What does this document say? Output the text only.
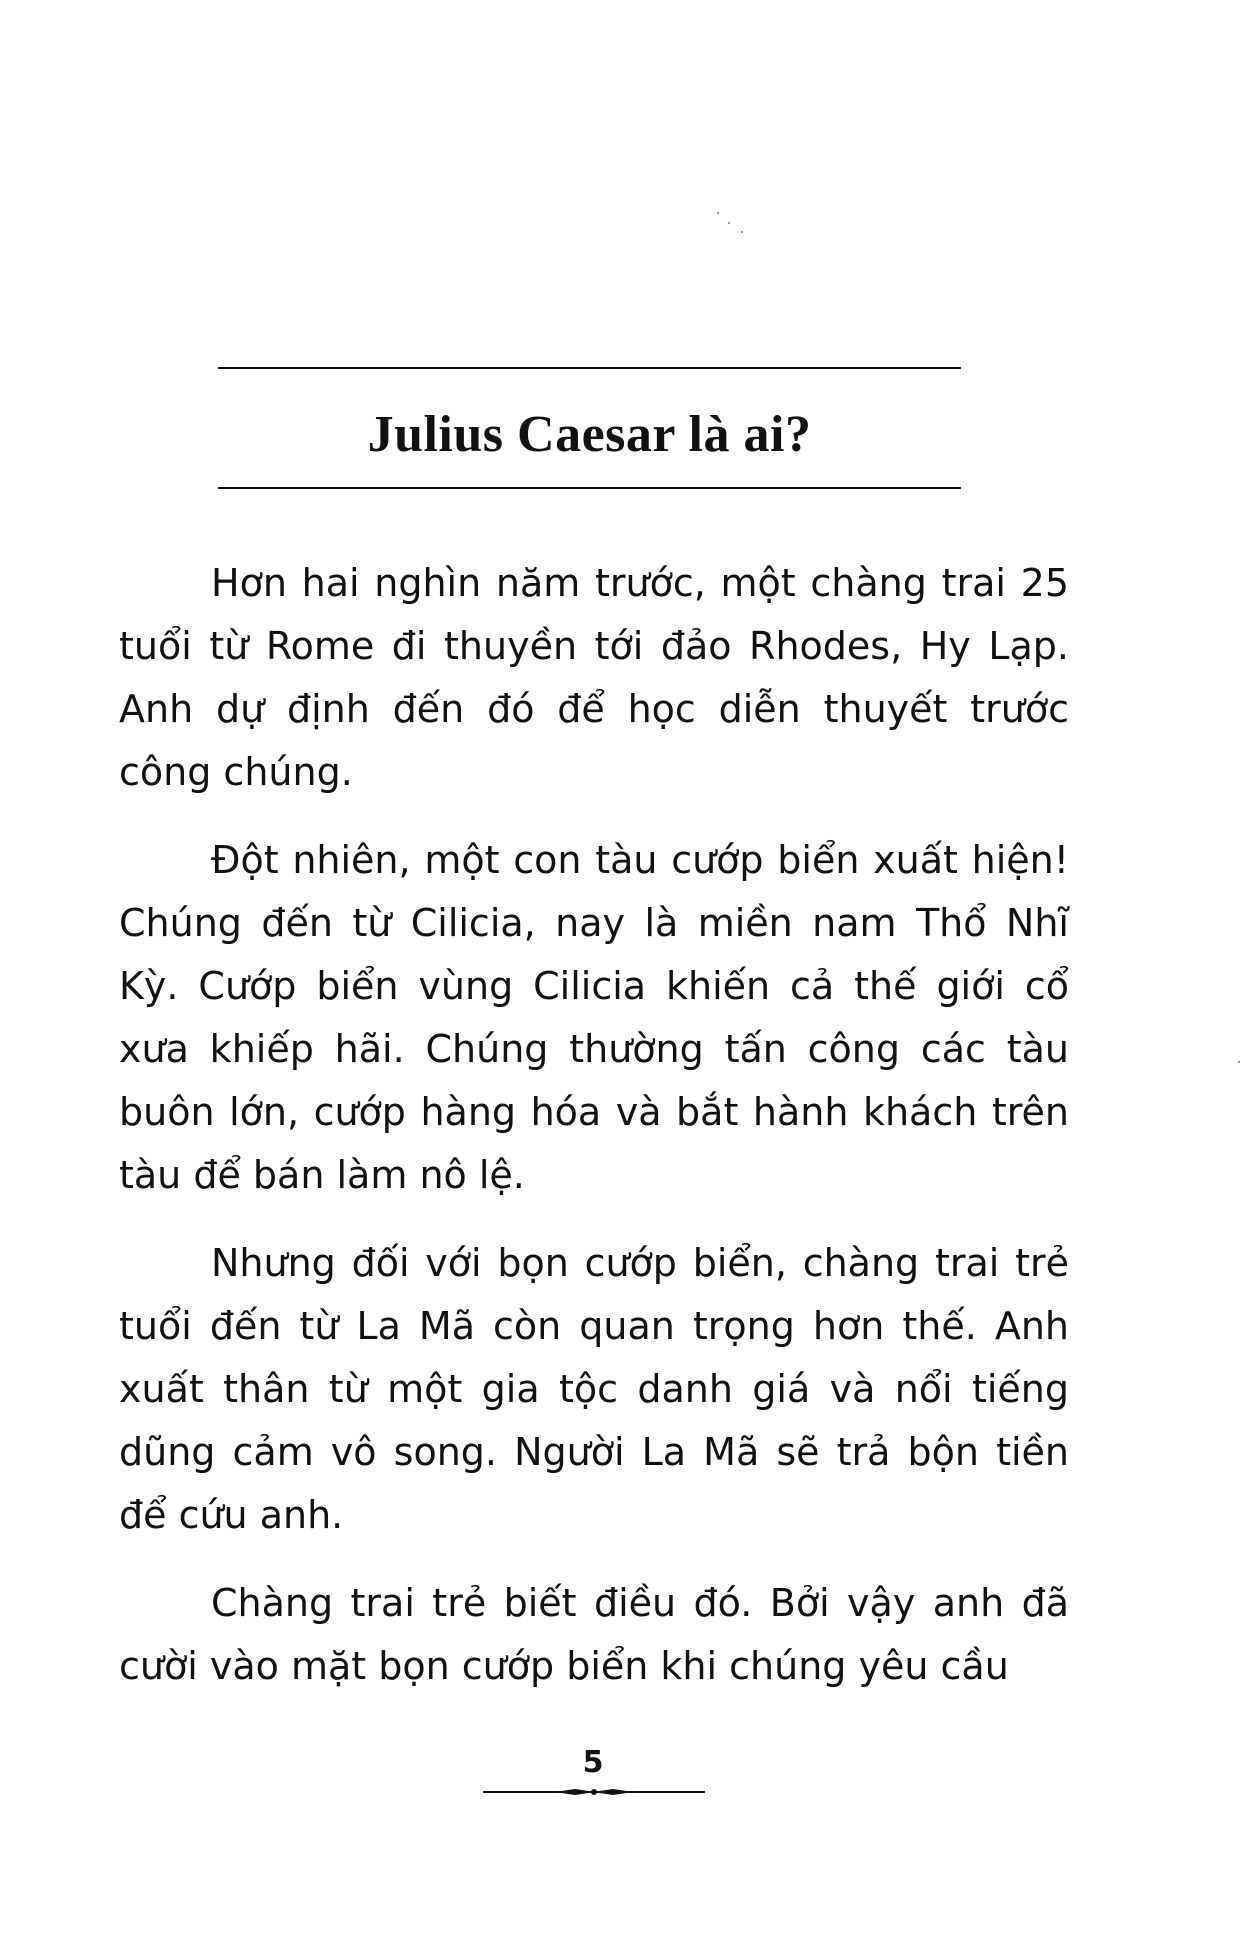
Julius Caesar là ai?

Hơn hai nghìn năm trước, một chàng trai 25 tuổi từ Rome đi thuyền tới đảo Rhodes, Hy Lạp. Anh dự định đến đó để học diễn thuyết trước công chúng.

Đột nhiên, một con tàu cướp biển xuất hiện! Chúng đến từ Cilicia, nay là miền nam Thổ Nhĩ Kỳ. Cướp biển vùng Cilicia khiến cả thế giới cổ xưa khiếp hãi. Chúng thường tấn công các tàu buôn lớn, cướp hàng hóa và bắt hành khách trên tàu để bán làm nô lệ.

Nhưng đối với bọn cướp biển, chàng trai trẻ tuổi đến từ La Mã còn quan trọng hơn thế. Anh xuất thân từ một gia tộc danh giá và nổi tiếng dũng cảm vô song. Người La Mã sẽ trả bộn tiền để cứu anh.

Chàng trai trẻ biết điều đó. Bởi vậy anh đã cười vào mặt bọn cướp biển khi chúng yêu cầu

5
